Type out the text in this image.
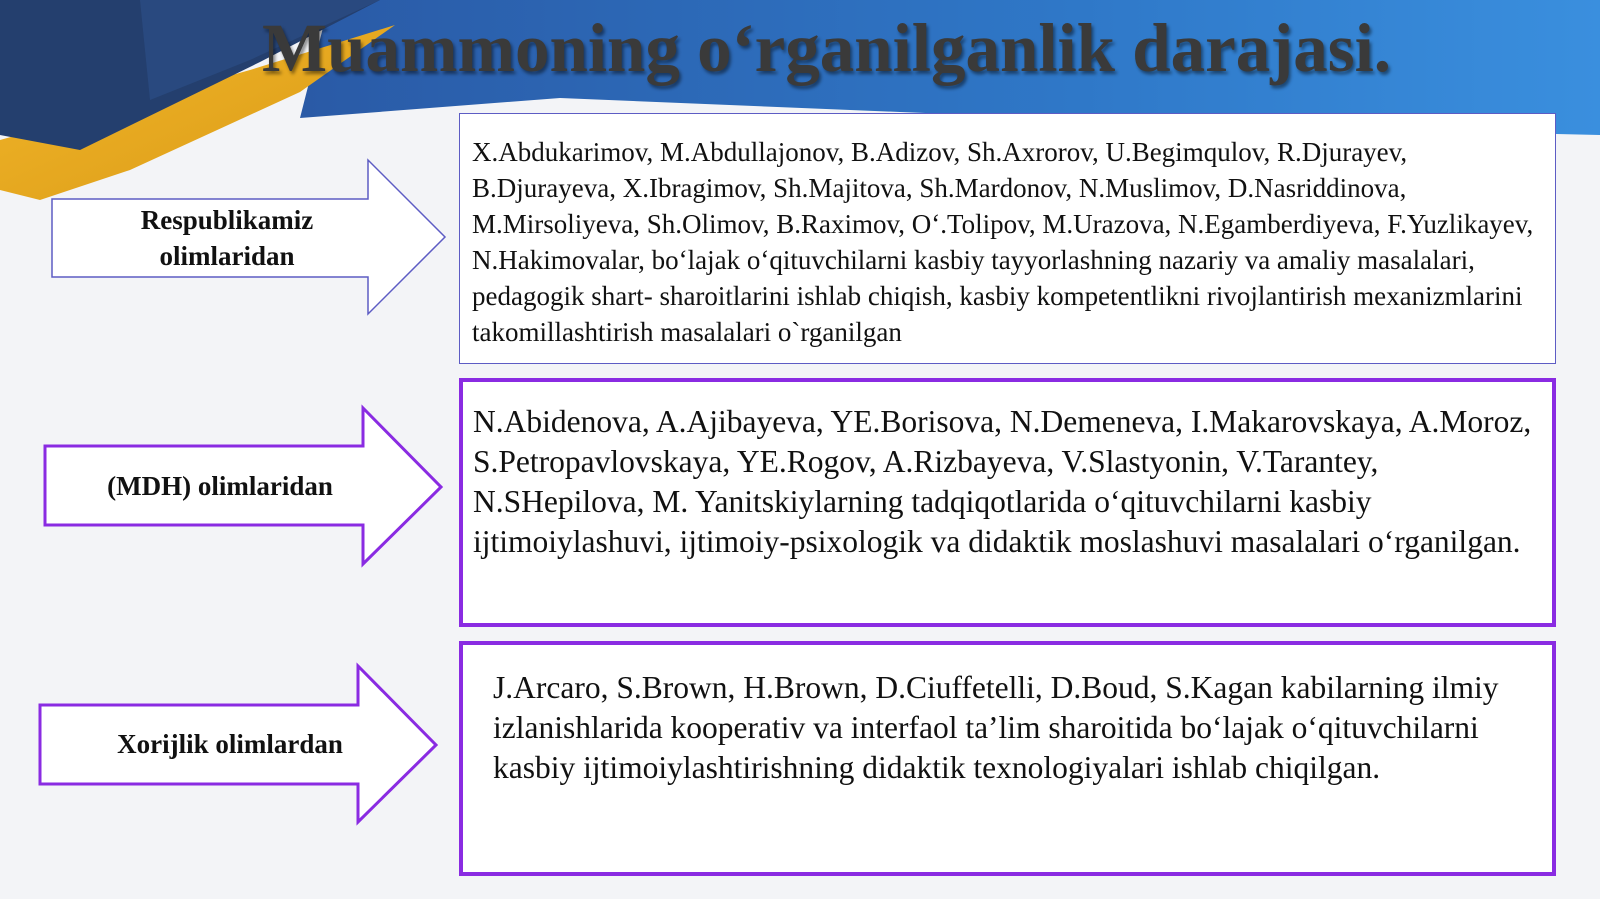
Muammoning o‘rganilganlik darajasi.
Respublikamiz olimlaridan
(MDH) olimlaridan
Xorijlik olimlardan

X.Abdukarimov, M.Abdullajonov, B.Adizov, Sh.Axrorov, U.Begimqulov, R.Djurayev, B.Djurayeva, X.Ibragimov, Sh.Majitova, Sh.Mardonov, N.Muslimov, D.Nasriddinova, M.Mirsoliyeva, Sh.Olimov, B.Raximov, O‘.Tolipov, M.Urazova, N.Egamberdiyeva, F.Yuzlikayev, N.Hakimovalar, bo‘lajak o‘qituvchilarni kasbiy tayyorlashning nazariy va amaliy masalalari, pedagogik shart- sharoitlarini ishlab chiqish, kasbiy kompetentlikni rivojlantirish mexanizmlarini takomillashtirish masalalari o`rganilgan

N.Abidenova, A.Ajibayeva, YE.Borisova, N.Demeneva, I.Makarovskaya, A.Moroz, S.Petropavlovskaya, YE.Rogov, A.Rizbayeva, V.Slastyonin, V.Tarantey, N.SHepilova, M. Yanitskiylarning tadqiqotlarida o‘qituvchilarni kasbiy ijtimoiylashuvi, ijtimoiy-psixologik va didaktik moslashuvi masalalari o‘rganilgan.

J.Arcaro, S.Brown, H.Brown, D.Ciuffetelli, D.Boud, S.Kagan kabilarning ilmiy izlanishlarida kooperativ va interfaol ta’lim sharoitida bo‘lajak o‘qituvchilarni kasbiy ijtimoiylashtirishning didaktik texnologiyalari ishlab chiqilgan.
